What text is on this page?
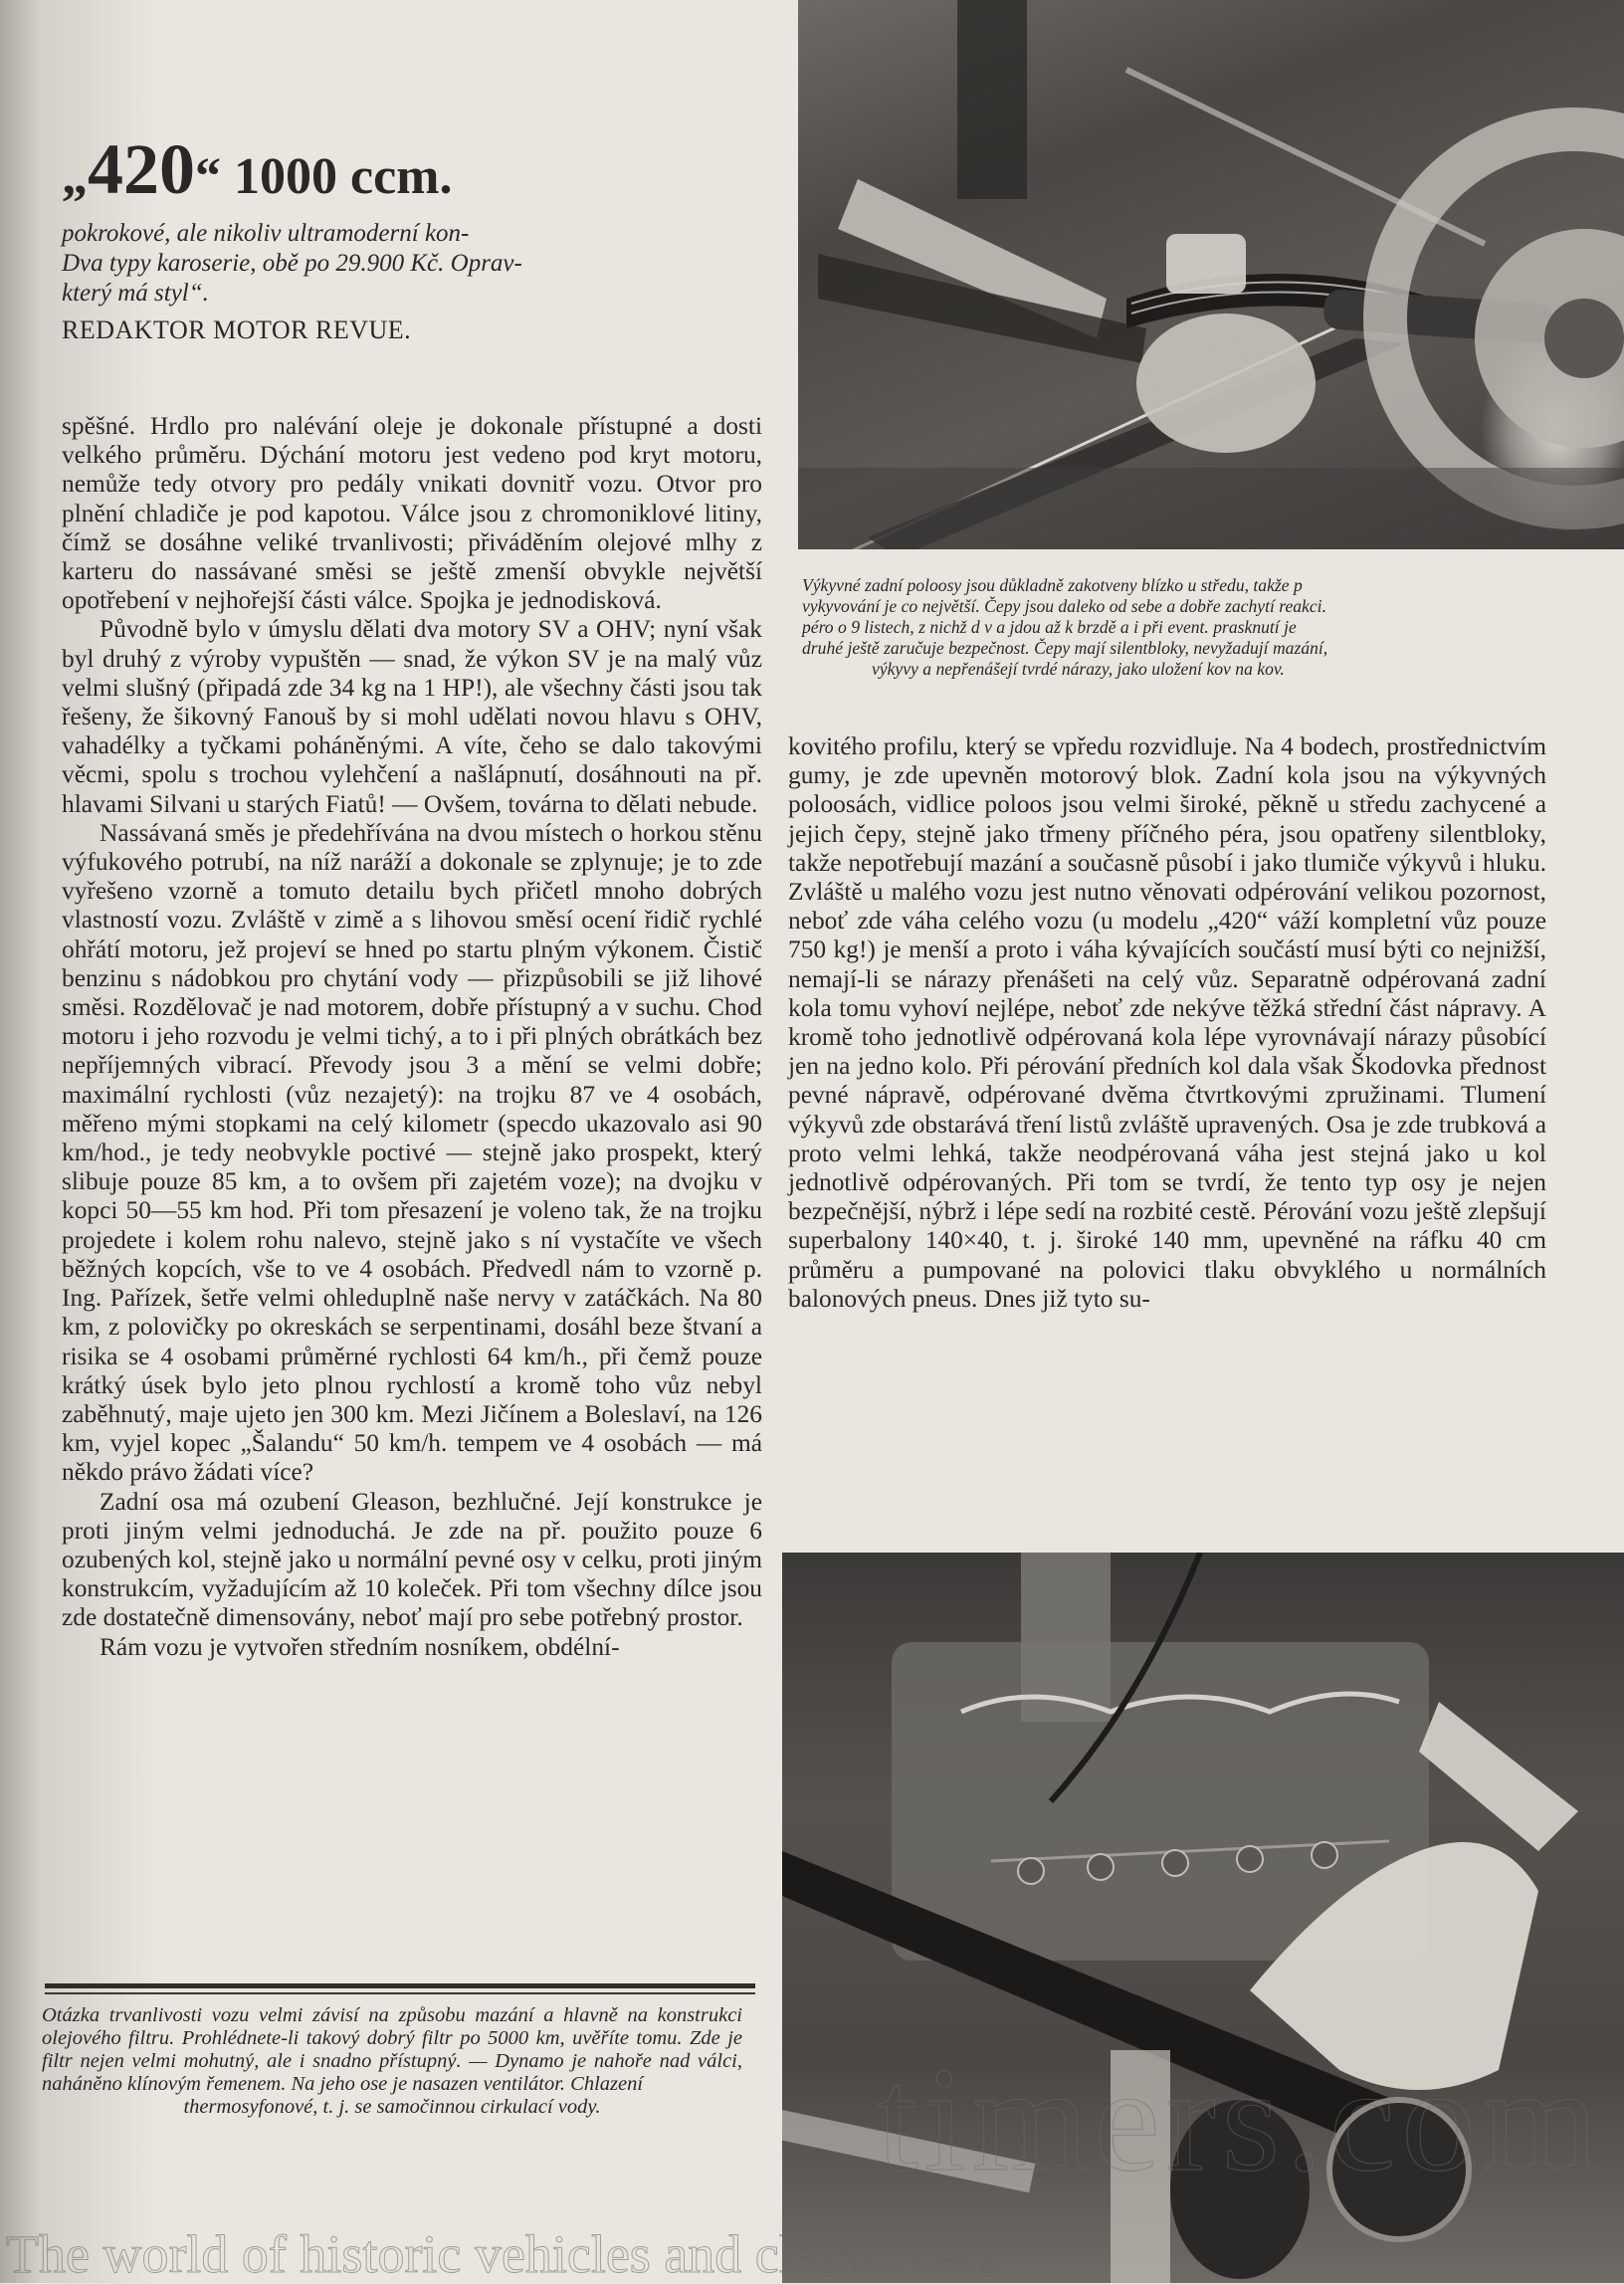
„420“ 1000 ccm.
pokrokové, ale nikoliv ultramoderní kon-
Dva typy karoserie, obě po 29.900 Kč. Oprav-
který má styl“.
REDAKTOR MOTOR REVUE.

spěšné. Hrdlo pro nalévání oleje je dokonale přístupné a dosti velkého průměru. Dýchání motoru jest vedeno pod kryt motoru, nemůže tedy otvory pro pedály vnikati dovnitř vozu. Otvor pro plnění chladiče je pod kapotou. Válce jsou z chromoniklové litiny, čímž se dosáhne veliké trvanlivosti; přiváděním olejové mlhy z karteru do nassávané směsi se ještě zmenší obvykle největší opotřebení v nejhořejší části válce. Spojka je jednodisková.

Původně bylo v úmyslu dělati dva motory SV a OHV; nyní však byl druhý z výroby vypuštěn — snad, že výkon SV je na malý vůz velmi slušný (připadá zde 34 kg na 1 HP!), ale všechny části jsou tak řešeny, že šikovný Fanouš by si mohl udělati novou hlavu s OHV, vahadélky a tyčkami poháněnými. A víte, čeho se dalo takovými věcmi, spolu s trochou vylehčení a našlápnutí, dosáhnouti na př. hlavami Silvani u starých Fiatů! — Ovšem, továrna to dělati nebude.

Nassávaná směs je předehřívána na dvou místech o horkou stěnu výfukového potrubí, na níž naráží a dokonale se zplynuje; je to zde vyřešeno vzorně a tomuto detailu bych přičetl mnoho dobrých vlastností vozu. Zvláště v zimě a s lihovou směsí ocení řidič rychlé ohřátí motoru, jež projeví se hned po startu plným výkonem. Čistič benzinu s nádobkou pro chytání vody — přizpůsobili se již lihové směsi. Rozdělovač je nad motorem, dobře přístupný a v suchu. Chod motoru i jeho rozvodu je velmi tichý, a to i při plných obrátkách bez nepříjemných vibrací. Převody jsou 3 a mění se velmi dobře; maximální rychlosti (vůz nezajetý): na trojku 87 ve 4 osobách, měřeno mými stopkami na celý kilometr (specdo ukazovalo asi 90 km/hod., je tedy neobvykle poctivé — stejně jako prospekt, který slibuje pouze 85 km, a to ovšem při zajetém voze); na dvojku v kopci 50—55 km hod. Při tom přesazení je voleno tak, že na trojku projedete i kolem rohu nalevo, stejně jako s ní vystačíte ve všech běžných kopcích, vše to ve 4 osobách. Předvedl nám to vzorně p. Ing. Pařízek, šetře velmi ohleduplně naše nervy v zatáčkách. Na 80 km, z polovičky po okreskách se serpentinami, dosáhl beze štvaní a risika se 4 osobami průměrné rychlosti 64 km/h., při čemž pouze krátký úsek bylo jeto plnou rychlostí a kromě toho vůz nebyl zaběhnutý, maje ujeto jen 300 km. Mezi Jičínem a Boleslaví, na 126 km, vyjel kopec „Šalandu“ 50 km/h. tempem ve 4 osobách — má někdo právo žádati více?

Zadní osa má ozubení Gleason, bezhlučné. Její konstrukce je proti jiným velmi jednoduchá. Je zde na př. použito pouze 6 ozubených kol, stejně jako u normální pevné osy v celku, proti jiným konstrukcím, vyžadujícím až 10 koleček. Při tom všechny dílce jsou zde dostatečně dimensovány, neboť mají pro sebe potřebný prostor.

Rám vozu je vytvořen středním nosníkem, obdélní-

Otázka trvanlivosti vozu velmi závisí na způsobu mazání a hlavně na konstrukci olejového filtru. Prohlédnete-li takový dobrý filtr po 5000 km, uvěříte tomu. Zde je filtr nejen velmi mohutný, ale i snadno přístupný. — Dynamo je nahoře nad válci, naháněno klínovým řemenem. Na jeho ose je nasazen ventilátor. Chlazení
thermosyfonové, t. j. se samočinnou cirkulací vody.
Výkyvné zadní poloosy jsou důkladně zakotveny blízko u středu, takže p
vykyvování je co největší. Čepy jsou daleko od sebe a dobře zachytí reakci.
péro o 9 listech, z nichž d v a jdou až k brzdě a i při event. prasknutí je
druhé ještě zaručuje bezpečnost. Čepy mají silentbloky, nevyžadují mazání,
výkyvy a nepřenášejí tvrdé nárazy, jako uložení kov na kov.

kovitého profilu, který se vpředu rozvidluje. Na 4 bodech, prostřednictvím gumy, je zde upevněn motorový blok. Zadní kola jsou na výkyvných poloosách, vidlice poloos jsou velmi široké, pěkně u středu zachycené a jejich čepy, stejně jako třmeny příčného péra, jsou opatřeny silentbloky, takže nepotřebují mazání a současně působí i jako tlumiče výkyvů i hluku. Zvláště u malého vozu jest nutno věnovati odpérování velikou pozornost, neboť zde váha celého vozu (u modelu „420“ váží kompletní vůz pouze 750 kg!) je menší a proto i váha kývajících součástí musí býti co nejnižší, nemají-li se nárazy přenášeti na celý vůz. Separatně odpérovaná zadní kola tomu vyhoví nejlépe, neboť zde nekýve těžká střední část nápravy. A kromě toho jednotlivě odpérovaná kola lépe vyrovnávají nárazy působící jen na jedno kolo. Při pérování předních kol dala však Škodovka přednost pevné nápravě, odpérované dvěma čtvrtkovými zpružinami. Tlumení výkyvů zde obstarává tření listů zvláště upravených. Osa je zde trubková a proto velmi lehká, takže neodpérovaná váha jest stejná jako u kol jednotlivě odpérovaných. Při tom se tvrdí, že tento typ osy je nejen bezpečnější, nýbrž i lépe sedí na rozbité cestě. Pérování vozu ještě zlepšují superbalony 140×40, t. j. široké 140 mm, upevněné na ráfku 40 cm průměru a pumpované na polovici tlaku obvyklého u normálních balonových pneus. Dnes již tyto su-

timers.com
The world of historic vehicles and classic cars
